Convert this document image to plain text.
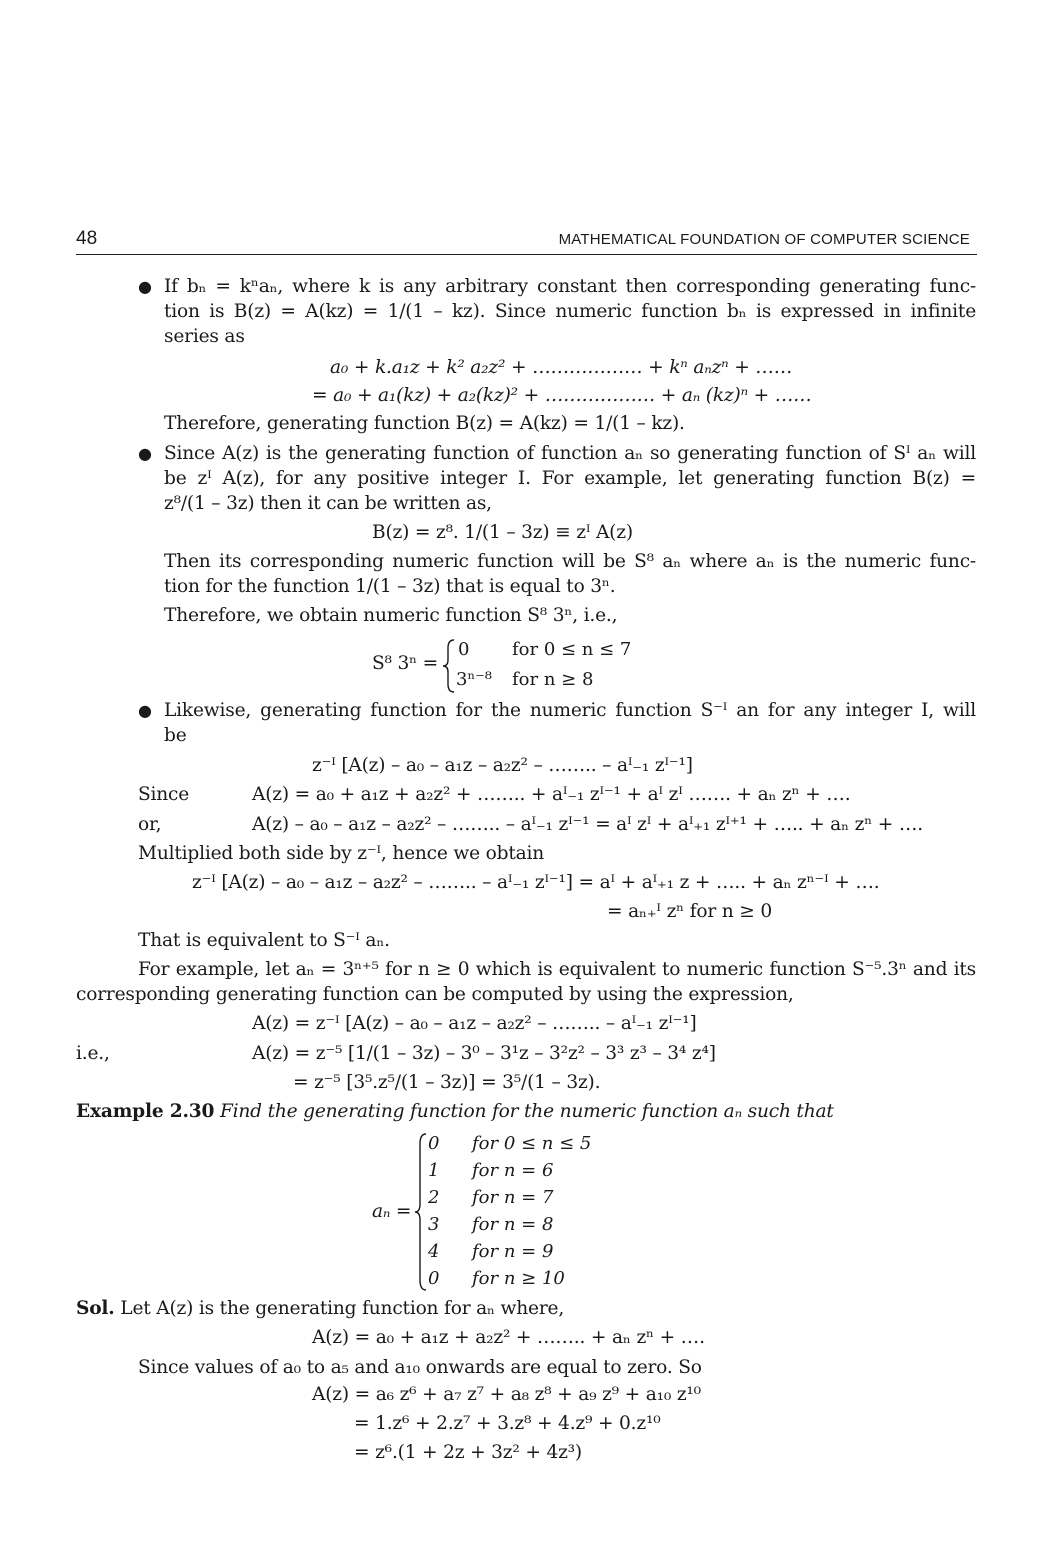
48	MATHEMATICAL FOUNDATION OF COMPUTER SCIENCE
● If bₙ = kⁿaₙ, where k is any arbitrary constant then corresponding generating func-
tion is B(z) = A(kz) = 1/(1 – kz). Since numeric function bₙ is expressed in infinite
series as
a₀ + k.a₁z + k² a₂z² + ……………… + kⁿ aₙzⁿ + ……
= a₀ + a₁(kz) + a₂(kz)² + ……………… + aₙ (kz)ⁿ + ……
Therefore, generating function B(z) = A(kz) = 1/(1 – kz).
● Since A(z) is the generating function of function aₙ so generating function of Sᴵ aₙ will
be zᴵ A(z), for any positive integer I. For example, let generating function B(z) =
z⁸/(1 – 3z) then it can be written as,
B(z) = z⁸. 1/(1 – 3z) ≡ zᴵ A(z)
Then its corresponding numeric function will be S⁸ aₙ where aₙ is the numeric func-
tion for the function 1/(1 – 3z) that is equal to 3ⁿ.
Therefore, we obtain numeric function S⁸ 3ⁿ, i.e.,
S⁸ 3ⁿ =
0 for 0 ≤ n ≤ 7
3ⁿ⁻⁸ for n ≥ 8
● Likewise, generating function for the numeric function S⁻ᴵ an for any integer I, will
be
z⁻ᴵ [A(z) – a₀ – a₁z – a₂z² – …….. – aᴵ₋₁ zᴵ⁻¹]
Since	A(z) = a₀ + a₁z + a₂z² + …….. + aᴵ₋₁ zᴵ⁻¹ + aᴵ zᴵ ……. + aₙ zⁿ + ….
or,	A(z) – a₀ – a₁z – a₂z² – …….. – aᴵ₋₁ zᴵ⁻¹ = aᴵ zᴵ + aᴵ₊₁ zᴵ⁺¹ + ….. + aₙ zⁿ + ….
Multiplied both side by z⁻ᴵ, hence we obtain
z⁻ᴵ [A(z) – a₀ – a₁z – a₂z² – …….. – aᴵ₋₁ zᴵ⁻¹] = aᴵ + aᴵ₊₁ z + ….. + aₙ zⁿ⁻ᴵ + ….
= aₙ₊ᴵ zⁿ for n ≥ 0
That is equivalent to S⁻ᴵ aₙ.
For example, let aₙ = 3ⁿ⁺⁵ for n ≥ 0 which is equivalent to numeric function S⁻⁵.3ⁿ and its
corresponding generating function can be computed by using the expression,
A(z) = z⁻ᴵ [A(z) – a₀ – a₁z – a₂z² – …….. – aᴵ₋₁ zᴵ⁻¹]
i.e.,	A(z) = z⁻⁵ [1/(1 – 3z) – 3⁰ – 3¹z – 3²z² – 3³ z³ – 3⁴ z⁴]
= z⁻⁵ [3⁵.z⁵/(1 – 3z)] = 3⁵/(1 – 3z).
Example 2.30 Find the generating function for the numeric function aₙ such that
aₙ =
0 for 0 ≤ n ≤ 5
1 for n = 6
2 for n = 7
3 for n = 8
4 for n = 9
0 for n ≥ 10
Sol. Let A(z) is the generating function for aₙ where,
A(z) = a₀ + a₁z + a₂z² + …….. + aₙ zⁿ + ….
Since values of a₀ to a₅ and a₁₀ onwards are equal to zero. So
A(z) = a₆ z⁶ + a₇ z⁷ + a₈ z⁸ + a₉ z⁹ + a₁₀ z¹⁰
= 1.z⁶ + 2.z⁷ + 3.z⁸ + 4.z⁹ + 0.z¹⁰
= z⁶.(1 + 2z + 3z² + 4z³)
